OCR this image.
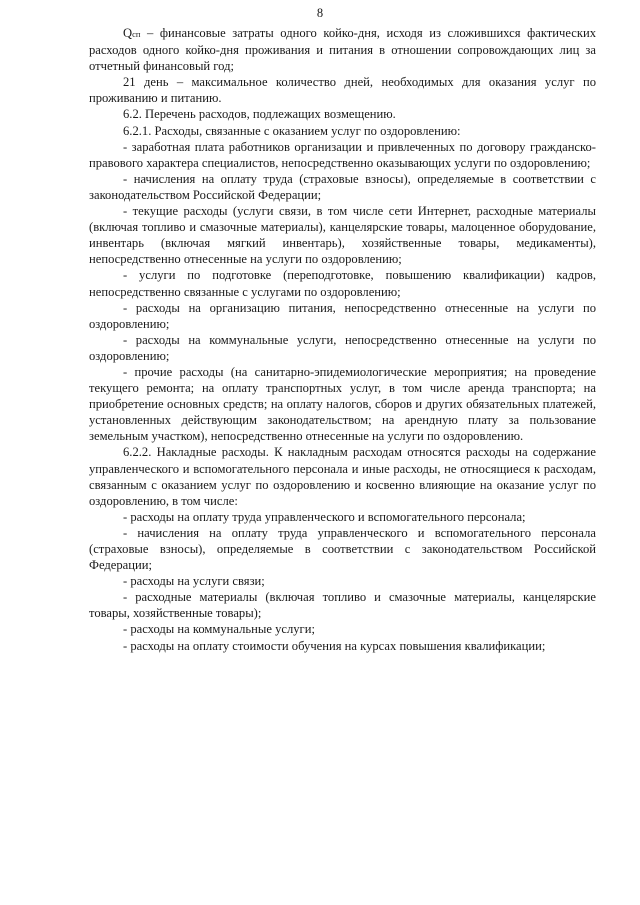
8

Qсп – финансовые затраты одного койко-дня, исходя из сложившихся фактических расходов одного койко-дня проживания и питания в отношении сопровождающих лиц за отчетный финансовый год;

21 день – максимальное количество дней, необходимых для оказания услуг по проживанию и питанию.

6.2. Перечень расходов, подлежащих возмещению.

6.2.1. Расходы, связанные с оказанием услуг по оздоровлению:

- заработная плата работников организации и привлеченных по договору гражданско-правового характера специалистов, непосредственно оказывающих услуги по оздоровлению;

- начисления на оплату труда (страховые взносы), определяемые в соответствии с законодательством Российской Федерации;

- текущие расходы (услуги связи, в том числе сети Интернет, расходные материалы (включая топливо и смазочные материалы), канцелярские товары, малоценное оборудование, инвентарь (включая мягкий инвентарь), хозяйственные товары, медикаменты), непосредственно отнесенные на услуги по оздоровлению;

- услуги по подготовке (переподготовке, повышению квалификации) кадров, непосредственно связанные с услугами по оздоровлению;

- расходы на организацию питания, непосредственно отнесенные на услуги по оздоровлению;

- расходы на коммунальные услуги, непосредственно отнесенные на услуги по оздоровлению;

- прочие расходы (на санитарно-эпидемиологические мероприятия; на проведение текущего ремонта; на оплату транспортных услуг, в том числе аренда транспорта; на приобретение основных средств; на оплату налогов, сборов и других обязательных платежей, установленных действующим законодательством; на арендную плату за пользование земельным участком), непосредственно отнесенные на услуги по оздоровлению.

6.2.2. Накладные расходы. К накладным расходам относятся расходы на содержание управленческого и вспомогательного персонала и иные расходы, не относящиеся к расходам, связанным с оказанием услуг по оздоровлению и косвенно влияющие на оказание услуг по оздоровлению, в том числе:

- расходы на оплату труда управленческого и вспомогательного персонала;

- начисления на оплату труда управленческого и вспомогательного персонала (страховые взносы), определяемые в соответствии с законодательством Российской Федерации;

- расходы на услуги связи;

- расходные материалы (включая топливо и смазочные материалы, канцелярские товары, хозяйственные товары);

- расходы на коммунальные услуги;

- расходы на оплату стоимости обучения на курсах повышения квалификации;
